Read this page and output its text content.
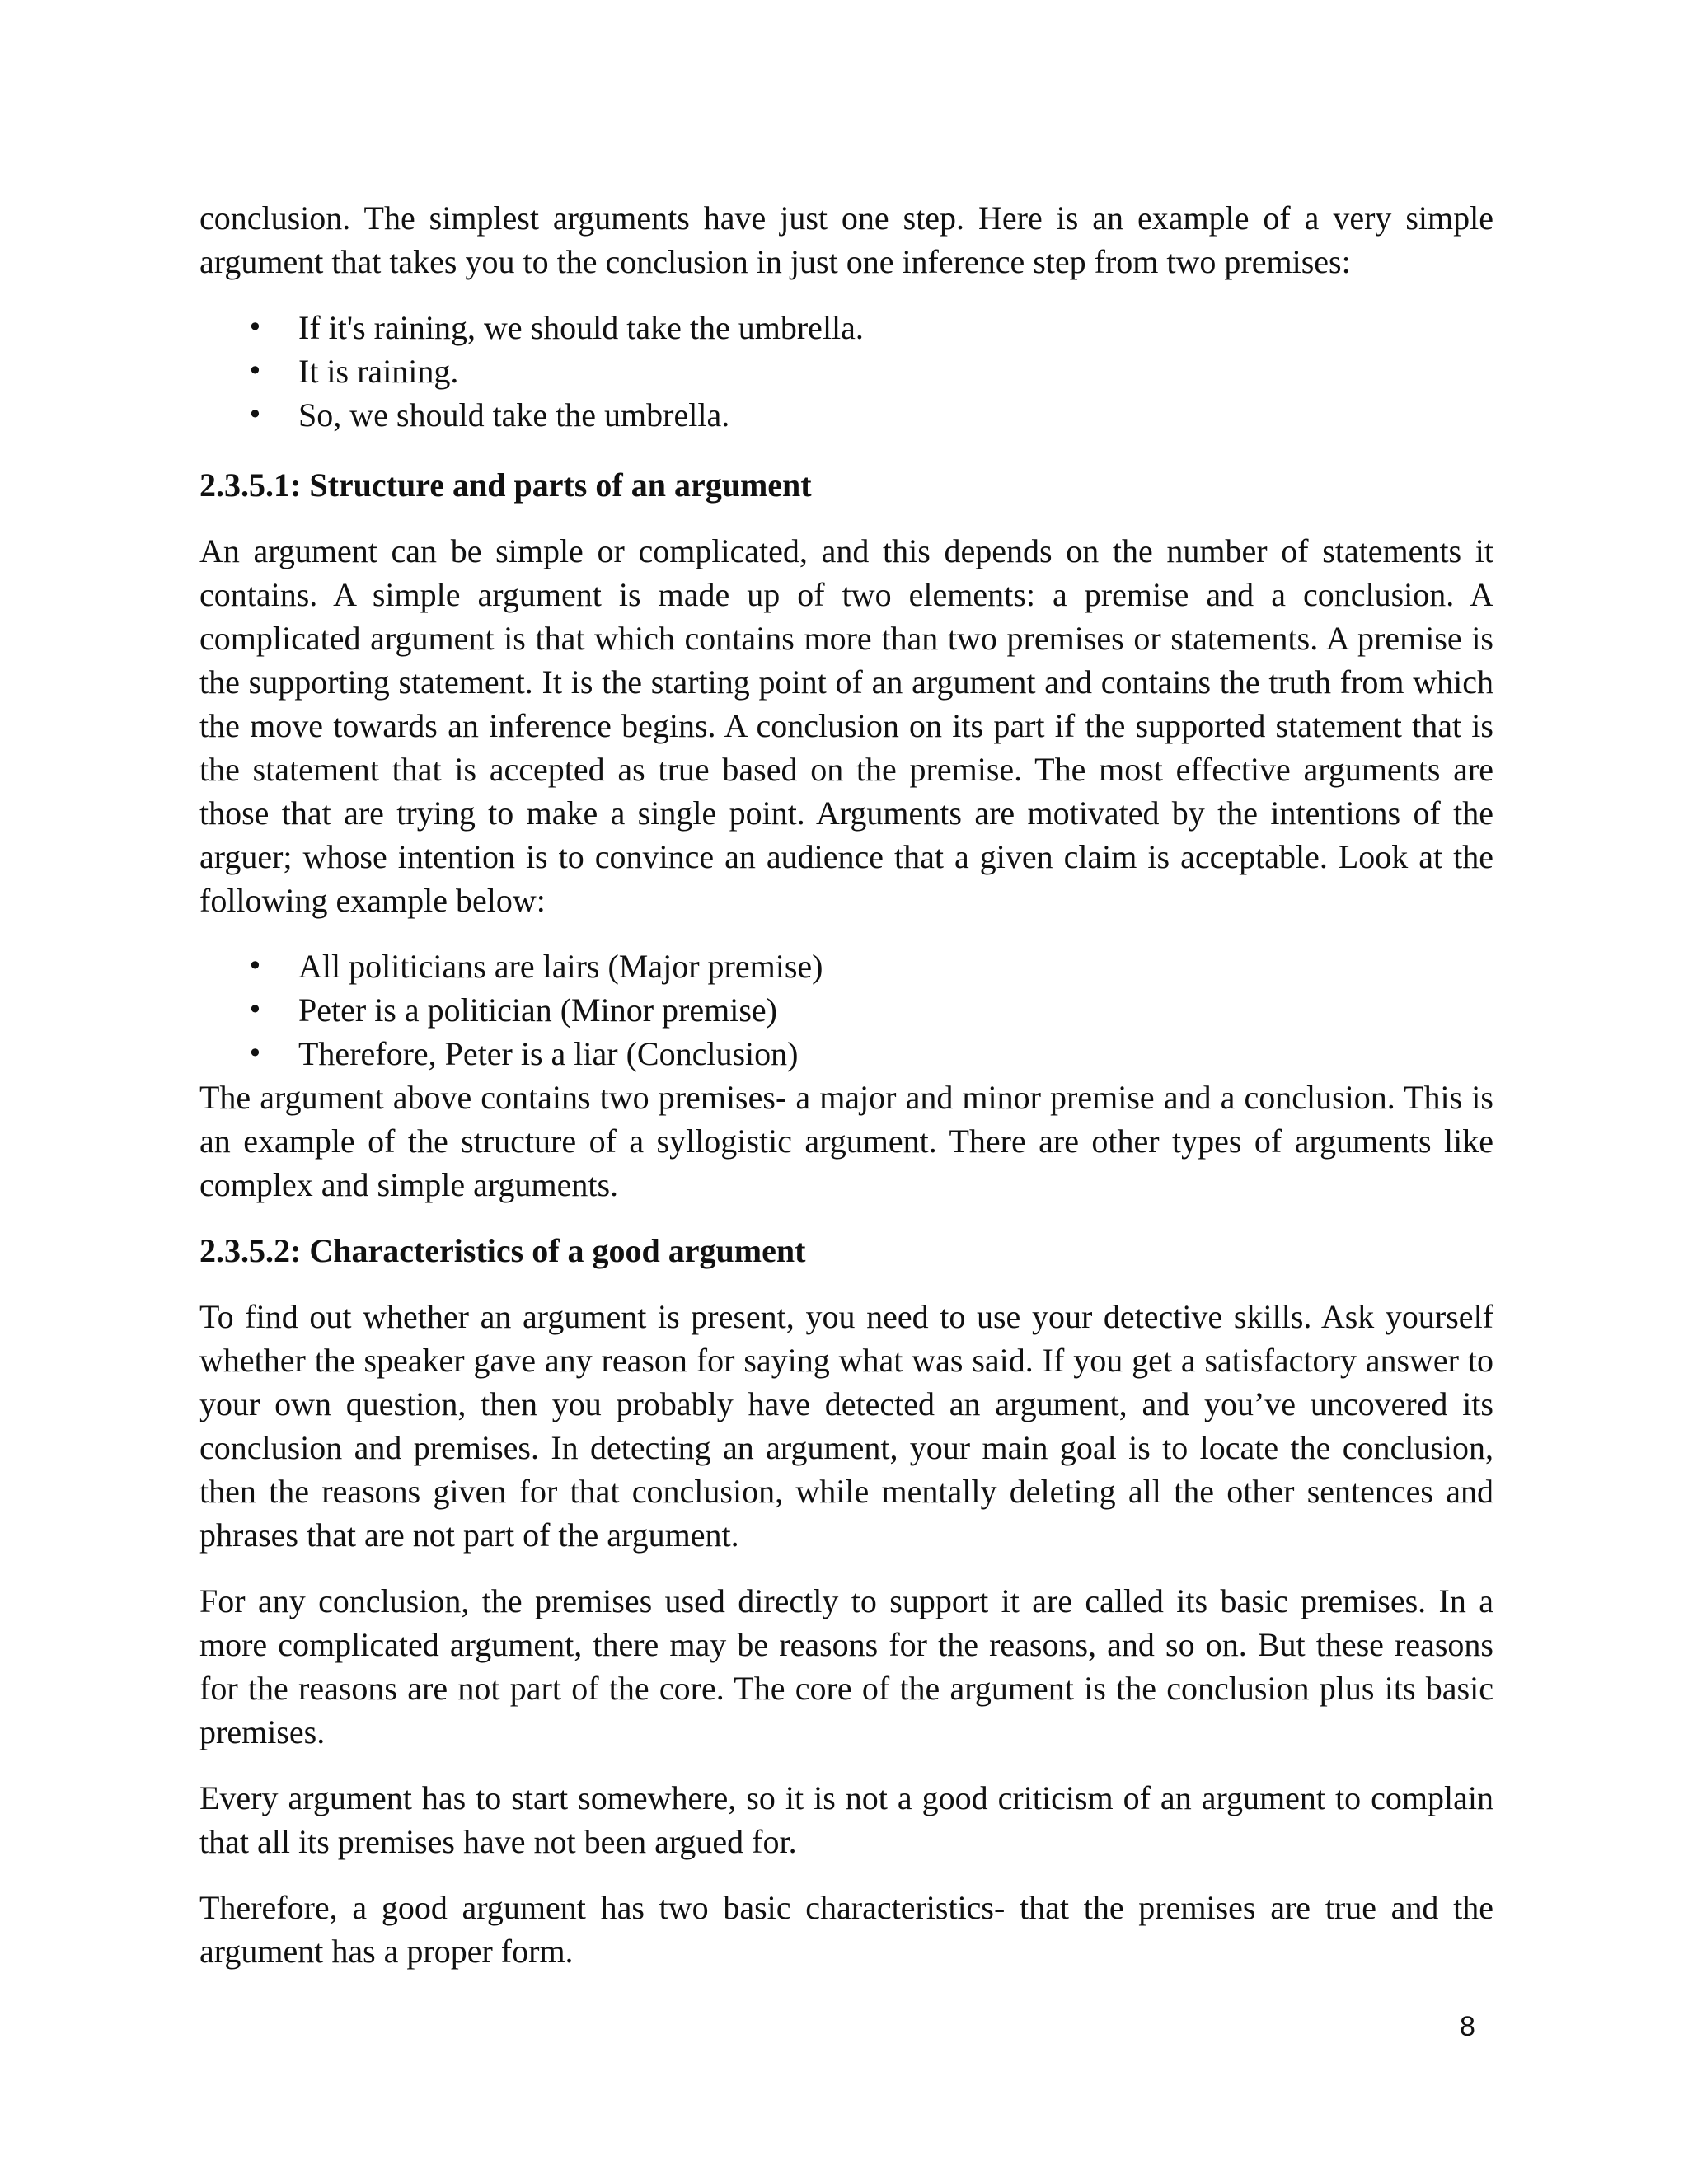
conclusion. The simplest arguments have just one step. Here is an example of a very simple argument that takes you to the conclusion in just one inference step from two premises:

• If it's raining, we should take the umbrella.
• It is raining.
• So, we should take the umbrella.
2.3.5.1: Structure and parts of an argument

An argument can be simple or complicated, and this depends on the number of statements it contains. A simple argument is made up of two elements: a premise and a conclusion. A complicated argument is that which contains more than two premises or statements. A premise is the supporting statement. It is the starting point of an argument and contains the truth from which the move towards an inference begins. A conclusion on its part if the supported statement that is the statement that is accepted as true based on the premise. The most effective arguments are those that are trying to make a single point. Arguments are motivated by the intentions of the arguer; whose intention is to convince an audience that a given claim is acceptable. Look at the following example below:

• All politicians are lairs (Major premise)
• Peter is a politician (Minor premise)
• Therefore, Peter is a liar (Conclusion)

The argument above contains two premises- a major and minor premise and a conclusion. This is an example of the structure of a syllogistic argument. There are other types of arguments like complex and simple arguments.

2.3.5.2: Characteristics of a good argument

To find out whether an argument is present, you need to use your detective skills. Ask yourself whether the speaker gave any reason for saying what was said. If you get a satisfactory answer to your own question, then you probably have detected an argument, and you’ve uncovered its conclusion and premises. In detecting an argument, your main goal is to locate the conclusion, then the reasons given for that conclusion, while mentally deleting all the other sentences and phrases that are not part of the argument.

For any conclusion, the premises used directly to support it are called its basic premises. In a more complicated argument, there may be reasons for the reasons, and so on. But these reasons for the reasons are not part of the core. The core of the argument is the conclusion plus its basic premises.

Every argument has to start somewhere, so it is not a good criticism of an argument to complain that all its premises have not been argued for.

Therefore, a good argument has two basic characteristics- that the premises are true and the argument has a proper form.

8
